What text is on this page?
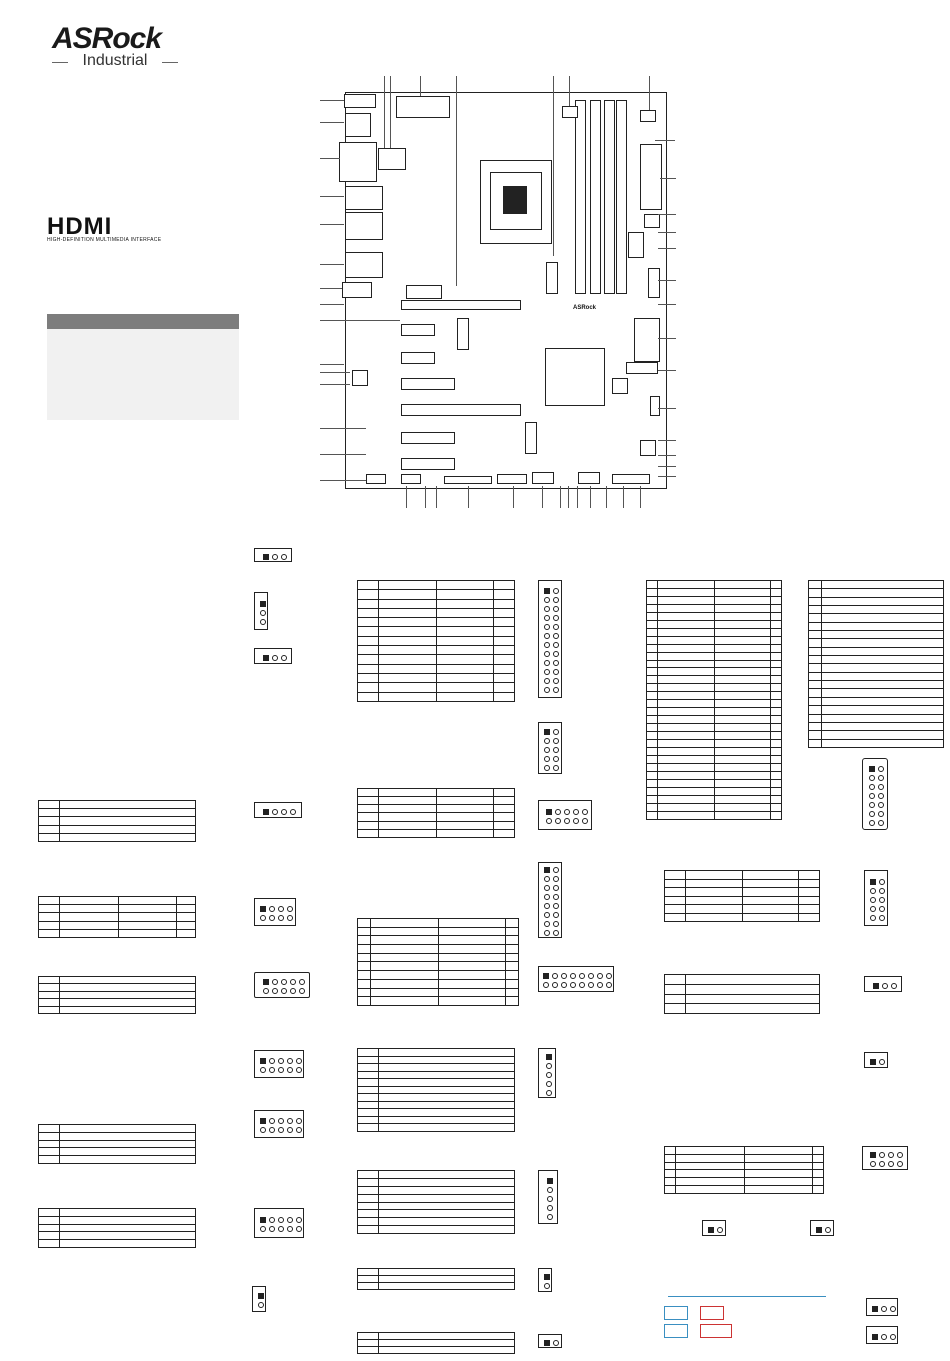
ASRock
Industrial
HDMI
HIGH-DEFINITION MULTIMEDIA INTERFACE
ASRock
